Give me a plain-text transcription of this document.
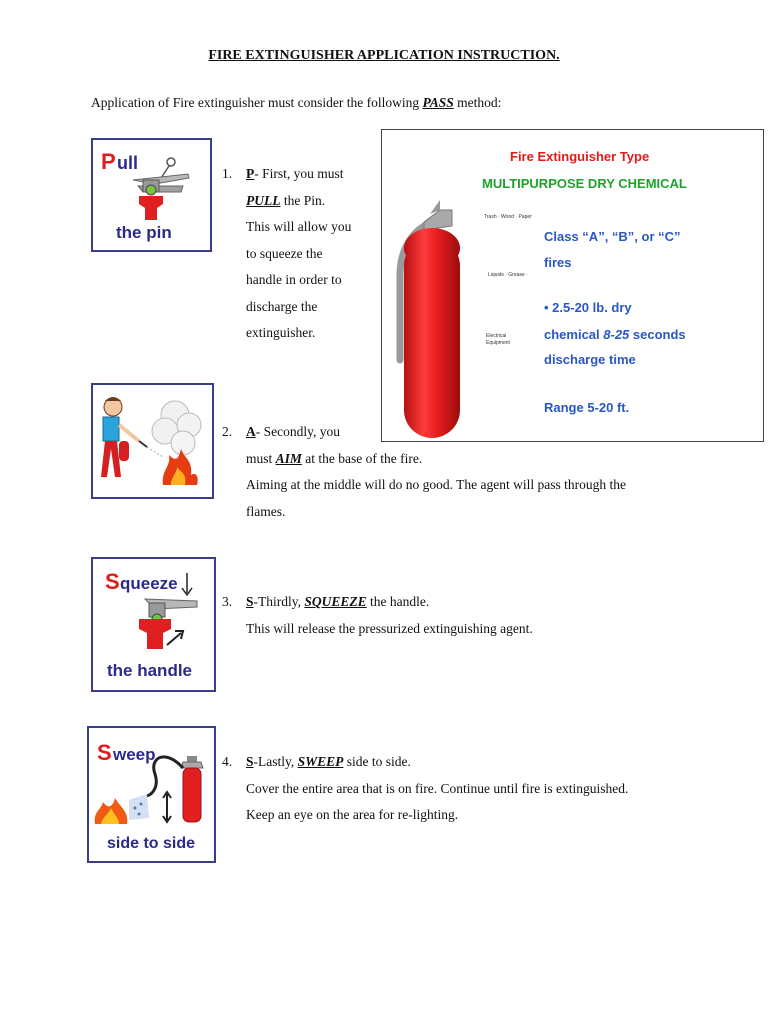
FIRE EXTINGUISHER APPLICATION INSTRUCTION.
Application of Fire extinguisher must consider the following PASS method:
P ull
the pin
1.	P- First, you must
PULL the Pin.
This will allow you
to squeeze the
handle in order to
discharge the
extinguisher.
Fire Extinguisher Type
MULTIPURPOSE DRY CHEMICAL
Trash · Wood · Paper
Liquids · Grease ·
Electrical Equipment
Class “A”, “B”, or “C” fires
• 2.5-20 lb. dry
chemical 8-25 seconds
discharge time
Range 5-20 ft.
2.	A- Secondly, you
must AIM at the base of the fire.
Aiming at the middle will do no good. The agent will pass through the
flames.
S queeze
the handle
3.	S-Thirdly, SQUEEZE the handle.
This will release the pressurized extinguishing agent.
S weep
side to side
4.	S-Lastly, SWEEP side to side.
Cover the entire area that is on fire. Continue until fire is extinguished.
Keep an eye on the area for re-lighting.
